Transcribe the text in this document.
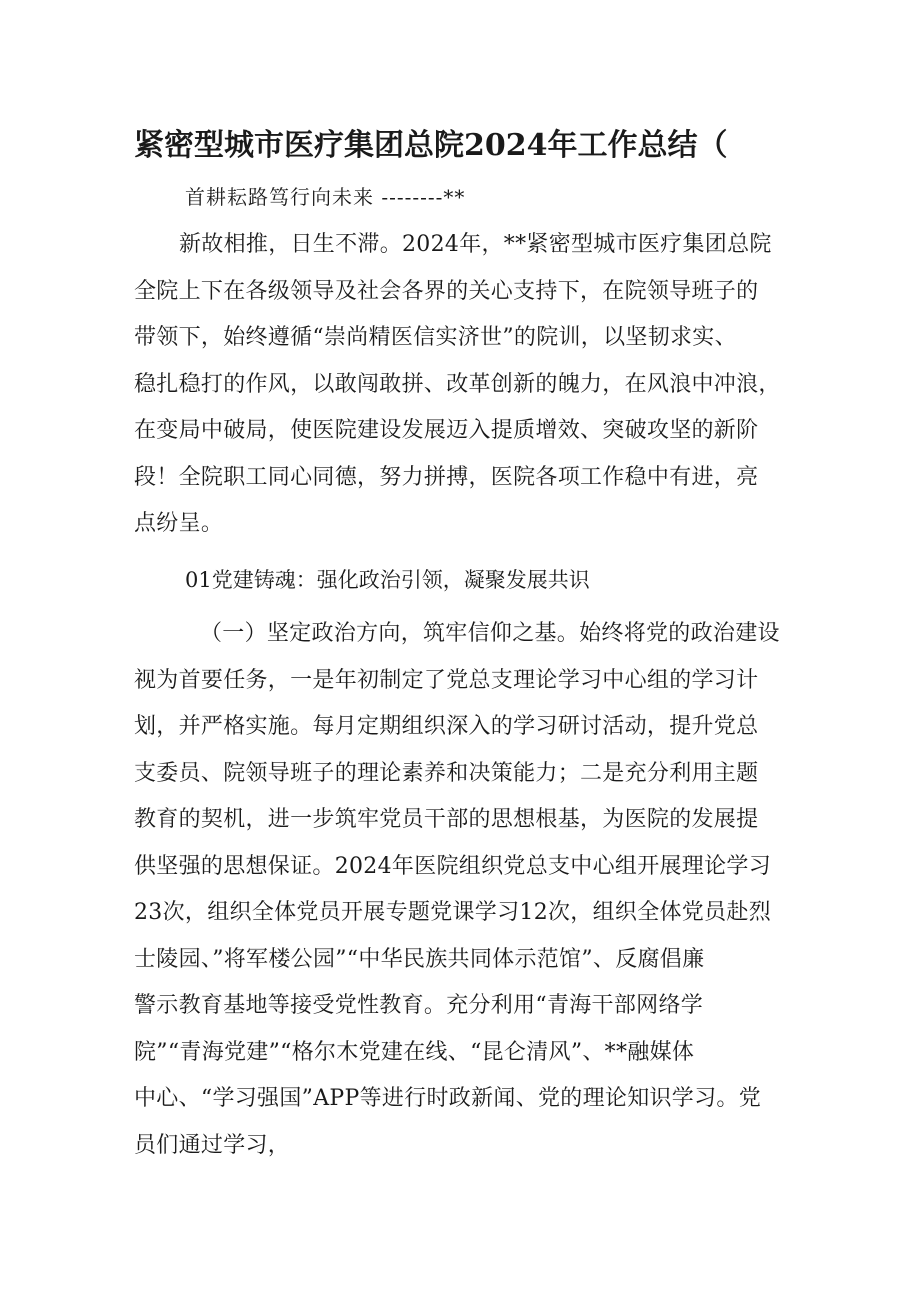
紧密型城市医疗集团总院2024年工作总结（
首耕耘路笃行向未来 --------**
新故相推，日生不滞。2024年，**紧密型城市医疗集团总院
全院上下在各级领导及社会各界的关心支持下，在院领导班子的
带领下，始终遵循“崇尚精医信实济世”的院训，以坚韧求实、
稳扎稳打的作风，以敢闯敢拼、改革创新的魄力，在风浪中冲浪，
在变局中破局，使医院建设发展迈入提质增效、突破攻坚的新阶
段！全院职工同心同德，努力拼搏，医院各项工作稳中有进，亮
点纷呈。
01党建铸魂：强化政治引领，凝聚发展共识
（一）坚定政治方向，筑牢信仰之基。始终将党的政治建设
视为首要任务，一是年初制定了党总支理论学习中心组的学习计
划，并严格实施。每月定期组织深入的学习研讨活动，提升党总
支委员、院领导班子的理论素养和决策能力；二是充分利用主题
教育的契机，进一步筑牢党员干部的思想根基，为医院的发展提
供坚强的思想保证。2024年医院组织党总支中心组开展理论学习
23次，组织全体党员开展专题党课学习12次，组织全体党员赴烈
士陵园、”将军楼公园”“中华民族共同体示范馆”、反腐倡廉
警示教育基地等接受党性教育。充分利用“青海干部网络学
院”“青海党建”“格尔木党建在线、“昆仑清风”、**融媒体
中心、“学习强国”APP等进行时政新闻、党的理论知识学习。党
员们通过学习，
